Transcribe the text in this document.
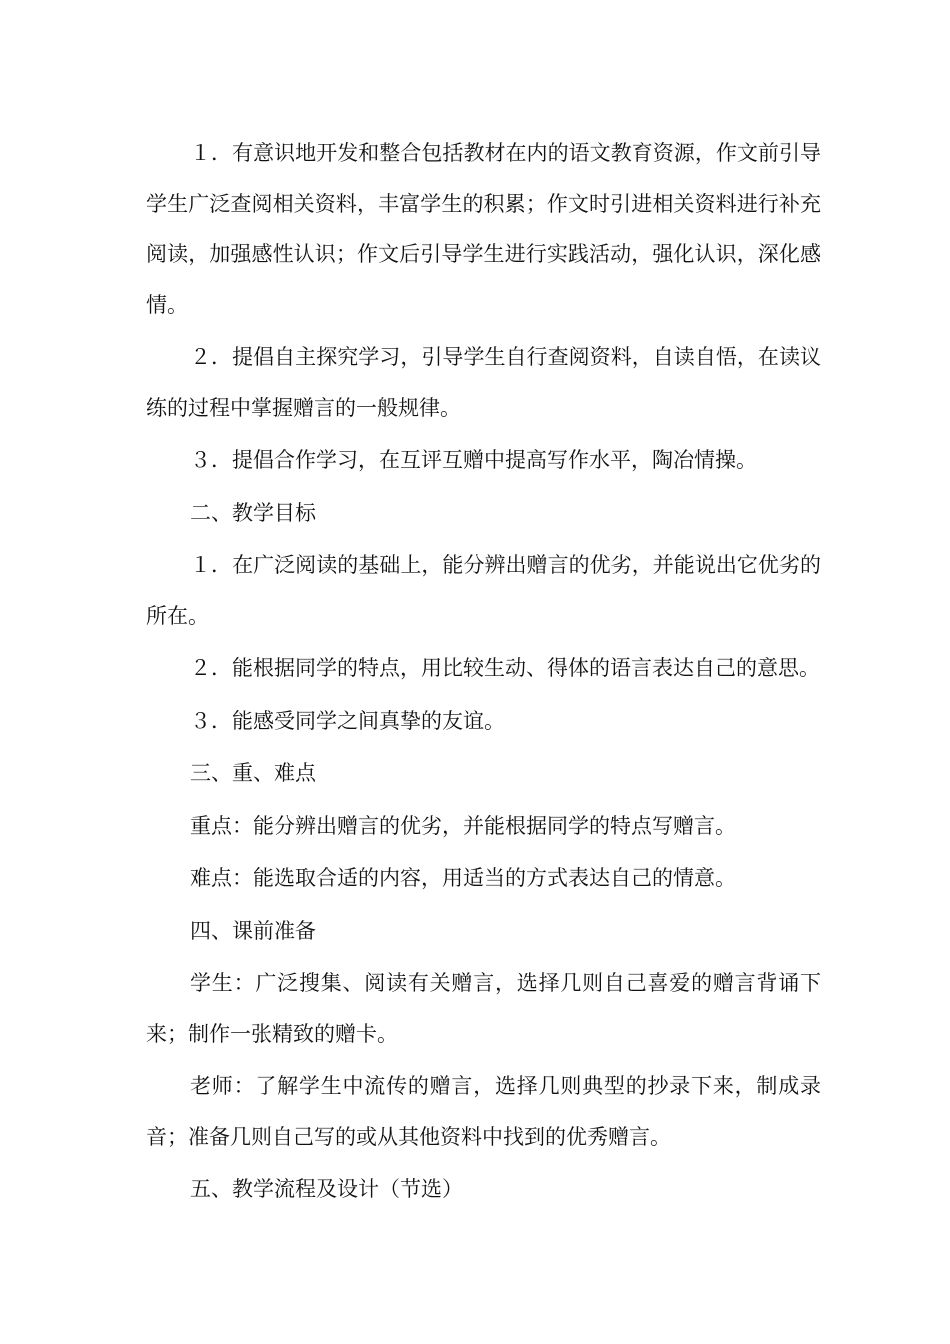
１．有意识地开发和整合包括教材在内的语文教育资源，作文前引导学生广泛查阅相关资料，丰富学生的积累；作文时引进相关资料进行补充阅读，加强感性认识；作文后引导学生进行实践活动，强化认识，深化感情。

２．提倡自主探究学习，引导学生自行查阅资料，自读自悟，在读议练的过程中掌握赠言的一般规律。

３．提倡合作学习，在互评互赠中提高写作水平，陶冶情操。

二、教学目标

１．在广泛阅读的基础上，能分辨出赠言的优劣，并能说出它优劣的所在。

２．能根据同学的特点，用比较生动、得体的语言表达自己的意思。

３．能感受同学之间真挚的友谊。

三、重、难点

重点：能分辨出赠言的优劣，并能根据同学的特点写赠言。

难点：能选取合适的内容，用适当的方式表达自己的情意。

四、课前准备

学生：广泛搜集、阅读有关赠言，选择几则自己喜爱的赠言背诵下来；制作一张精致的赠卡。

老师：了解学生中流传的赠言，选择几则典型的抄录下来，制成录音；准备几则自己写的或从其他资料中找到的优秀赠言。

五、教学流程及设计（节选）
